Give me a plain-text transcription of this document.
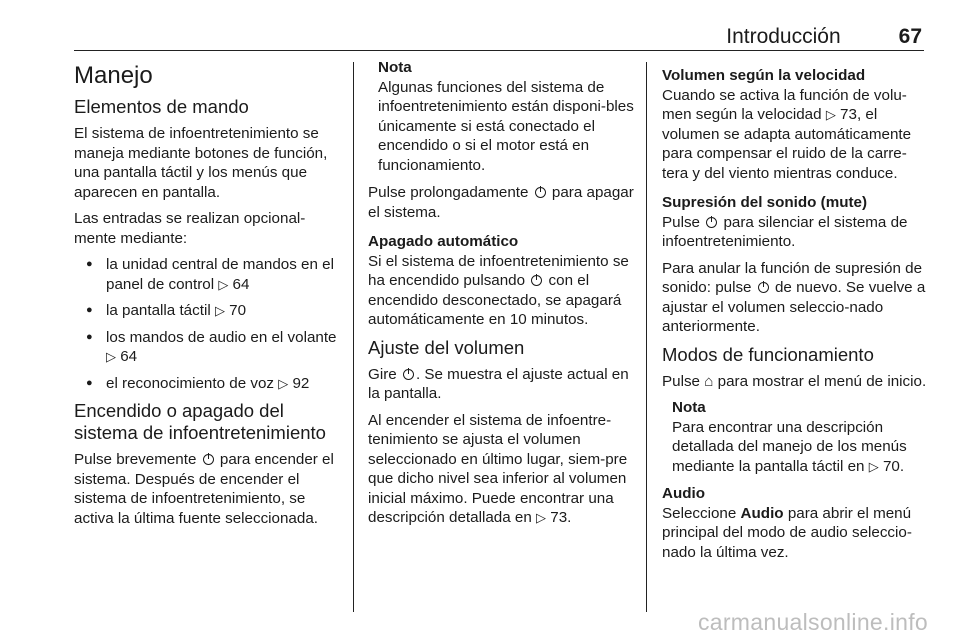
Introducción	67
Manejo
Elementos de mando

El sistema de infoentretenimiento se maneja mediante botones de función, una pantalla táctil y los menús que aparecen en pantalla.

Las entradas se realizan opcional-mente mediante:

● la unidad central de mandos en el panel de control ▷ 64
● la pantalla táctil ▷ 70
● los mandos de audio en el volante ▷ 64
● el reconocimiento de voz ▷ 92
Encendido o apagado del sistema de infoentretenimiento

Pulse brevemente para encender el sistema. Después de encender el sistema de infoentretenimiento, se activa la última fuente seleccionada.

Nota
Algunas funciones del sistema de infoentretenimiento están disponi-bles únicamente si está conectado el encendido o si el motor está en funcionamiento.

Pulse prolongadamente para apagar el sistema.

Apagado automático

Si el sistema de infoentretenimiento se ha encendido pulsando con el encendido desconectado, se apagará automáticamente en 10 minutos.

Ajuste del volumen

Gire . Se muestra el ajuste actual en la pantalla.

Al encender el sistema de infoentre-tenimiento se ajusta el volumen seleccionado en último lugar, siem-pre que dicho nivel sea inferior al volumen inicial máximo. Puede encontrar una descripción detallada en ▷ 73.

Volumen según la velocidad

Cuando se activa la función de volu-men según la velocidad ▷ 73, el volumen se adapta automáticamente para compensar el ruido de la carre-tera y del viento mientras conduce.

Supresión del sonido (mute)

Pulse para silenciar el sistema de infoentretenimiento.

Para anular la función de supresión de sonido: pulse de nuevo. Se vuelve a ajustar el volumen seleccio-nado anteriormente.

Modos de funcionamiento

Pulse ⌂ para mostrar el menú de inicio.

Nota
Para encontrar una descripción detallada del manejo de los menús mediante la pantalla táctil en ▷ 70.
Audio

Seleccione Audio para abrir el menú principal del modo de audio seleccio-nado la última vez.

carmanualsonline.info
